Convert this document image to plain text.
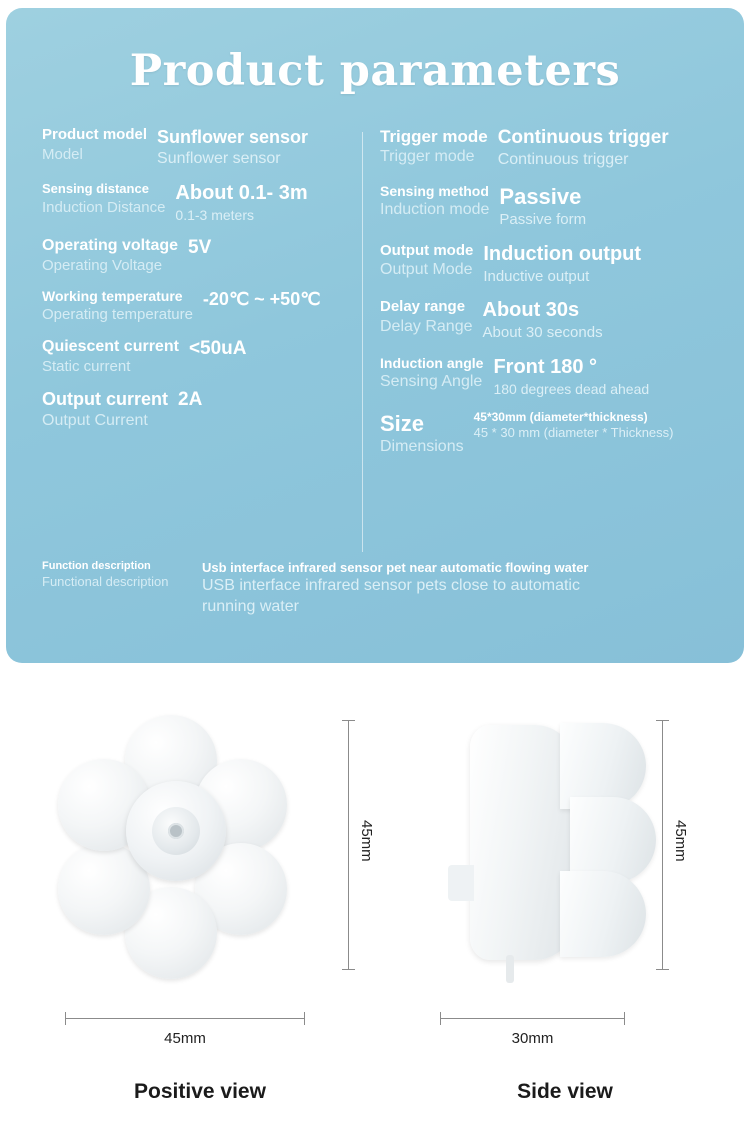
Product parameters
Product model
Model
Sunflower sensor
Sunflower sensor
Sensing distance
Induction Distance
About 0.1- 3m
0.1-3 meters
Operating voltage
Operating Voltage
5V
Working temperature
Operating temperature
-20℃ ~ +50℃
Quiescent current
Static current
<50uA
Output current
Output Current
2A
Trigger mode
Trigger mode
Continuous trigger
Continuous trigger
Sensing method
Induction mode
Passive
Passive form
Output mode
Output Mode
Induction output
Inductive output
Delay range
Delay Range
About 30s
About 30 seconds
Induction angle
Sensing Angle
Front 180 °
180 degrees dead ahead
Size
Dimensions
45*30mm (diameter*thickness)
45 * 30 mm (diameter * Thickness)
Function description
Functional description
Usb interface infrared sensor pet near automatic flowing water
USB interface infrared sensor pets close to automatic running water
45mm
45mm
Positive view
45mm
30mm
Side view
